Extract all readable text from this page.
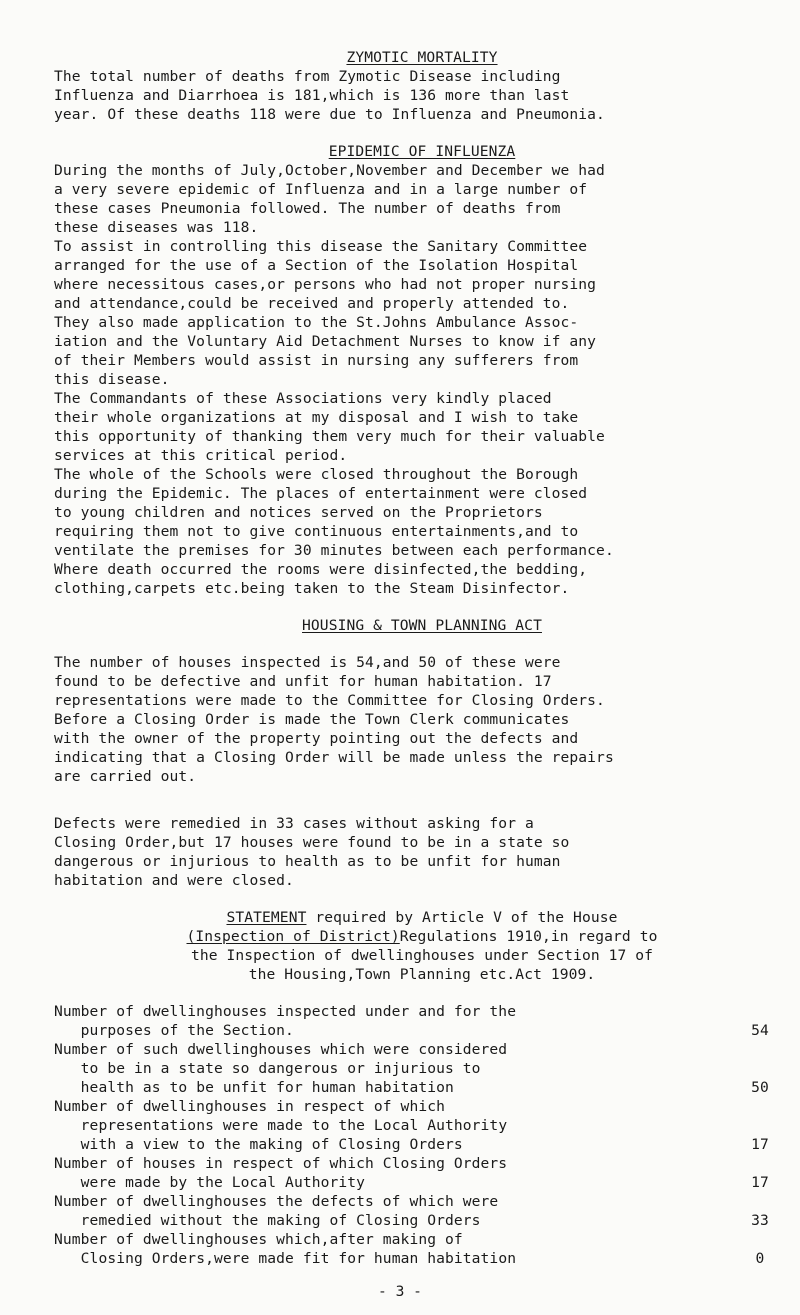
ZYMOTIC MORTALITY

The total number of deaths from Zymotic Disease including
Influenza and Diarrhoea is 181,which is 136 more than last
year. Of these deaths 118 were due to Influenza and Pneumonia.

EPIDEMIC OF INFLUENZA

During the months of July,October,November and December we had
a very severe epidemic of Influenza and in a large number of
these cases Pneumonia followed. The number of deaths from
these diseases was 118.

To assist in controlling this disease the Sanitary Committee
arranged for the use of a Section of the Isolation Hospital
where necessitous cases,or persons who had not proper nursing
and attendance,could be received and properly attended to.

They also made application to the St.Johns Ambulance Assoc-
iation and the Voluntary Aid Detachment Nurses to know if any
of their Members would assist in nursing any sufferers from
this disease.

The Commandants of these Associations very kindly placed
their whole organizations at my disposal and I wish to take
this opportunity of thanking them very much for their valuable
services at this critical period.

The whole of the Schools were closed throughout the Borough
during the Epidemic. The places of entertainment were closed
to young children and notices served on the Proprietors
requiring them not to give continuous entertainments,and to
ventilate the premises for 30 minutes between each performance.
Where death occurred the rooms were disinfected,the bedding,
clothing,carpets etc.being taken to the Steam Disinfector.

HOUSING & TOWN PLANNING ACT

The number of houses inspected is 54,and 50 of these were
found to be defective and unfit for human habitation. 17
representations were made to the Committee for Closing Orders.
Before a Closing Order is made the Town Clerk communicates
with the owner of the property pointing out the defects and
indicating that a Closing Order will be made unless the repairs
are carried out.

Defects were remedied in 33 cases without asking for a
Closing Order,but 17 houses were found to be in a state so
dangerous or injurious to health as to be unfit for human
habitation and were closed.

STATEMENT required by Article V of the House
(Inspection of District)Regulations 1910,in regard to
the Inspection of dwellinghouses under Section 17 of
the Housing,Town Planning etc.Act 1909.
Number of dwellinghouses inspected under and for the
purposes of the Section.	54
Number of such dwellinghouses which were considered
to be in a state so dangerous or injurious to
health as to be unfit for human habitation	50
Number of dwellinghouses in respect of which
representations were made to the Local Authority
with a view to the making of Closing Orders	17
Number of houses in respect of which Closing Orders
were made by the Local Authority	17
Number of dwellinghouses the defects of which were
remedied without the making of Closing Orders	33
Number of dwellinghouses which,after making of
Closing Orders,were made fit for human habitation	0
- 3 -
